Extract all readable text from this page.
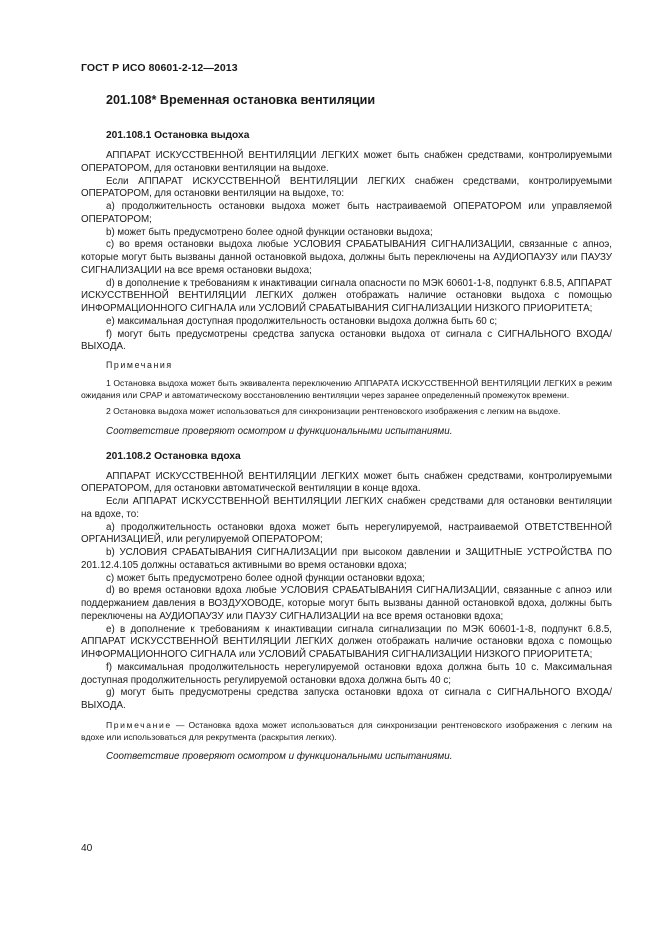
ГОСТ Р ИСО 80601-2-12—2013
201.108* Временная остановка вентиляции
201.108.1 Остановка выдоха

АППАРАТ ИСКУССТВЕННОЙ ВЕНТИЛЯЦИИ ЛЕГКИХ может быть снабжен средствами, контролируемыми ОПЕРАТОРОМ, для остановки вентиляции на выдохе.

Если АППАРАТ ИСКУССТВЕННОЙ ВЕНТИЛЯЦИИ ЛЕГКИХ снабжен средствами, контролируемыми ОПЕРАТОРОМ, для остановки вентиляции на выдохе, то:

а) продолжительность остановки выдоха может быть настраиваемой ОПЕРАТОРОМ или управляемой ОПЕРАТОРОМ;

b) может быть предусмотрено более одной функции остановки выдоха;

c) во время остановки выдоха любые УСЛОВИЯ СРАБАТЫВАНИЯ СИГНАЛИЗАЦИИ, связанные с апноэ, которые могут быть вызваны данной остановкой выдоха, должны быть переключены на АУДИОПАУЗУ или ПАУЗУ СИГНАЛИЗАЦИИ на все время остановки выдоха;

d) в дополнение к требованиям к инактивации сигнала опасности по МЭК 60601-1-8, подпункт 6.8.5, АППАРАТ ИСКУССТВЕННОЙ ВЕНТИЛЯЦИИ ЛЕГКИХ должен отображать наличие остановки выдоха с помощью ИНФОРМАЦИОННОГО СИГНАЛА или УСЛОВИЙ СРАБАТЫВАНИЯ СИГНАЛИЗАЦИИ НИЗКОГО ПРИОРИТЕТА;

e) максимальная доступная продолжительность остановки выдоха должна быть 60 с;

f) могут быть предусмотрены средства запуска остановки выдоха от сигнала с СИГНАЛЬНОГО ВХОДА/ВЫХОДА.

Примечания

1 Остановка выдоха может быть эквивалента переключению АППАРАТА ИСКУССТВЕННОЙ ВЕНТИЛЯЦИИ ЛЕГКИХ в режим ожидания или СРАР и автоматическому восстановлению вентиляции через заранее определенный промежуток времени.

2 Остановка выдоха может использоваться для синхронизации рентгеновского изображения с легким на выдохе.

Соответствие проверяют осмотром и функциональными испытаниями.
201.108.2 Остановка вдоха

АППАРАТ ИСКУССТВЕННОЙ ВЕНТИЛЯЦИИ ЛЕГКИХ может быть снабжен средствами, контролируемыми ОПЕРАТОРОМ, для остановки автоматической вентиляции в конце вдоха.

Если АППАРАТ ИСКУССТВЕННОЙ ВЕНТИЛЯЦИИ ЛЕГКИХ снабжен средствами для остановки вентиляции на вдохе, то:

а) продолжительность остановки вдоха может быть нерегулируемой, настраиваемой ОТВЕТСТВЕННОЙ ОРГАНИЗАЦИЕЙ, или регулируемой ОПЕРАТОРОМ;

b) УСЛОВИЯ СРАБАТЫВАНИЯ СИГНАЛИЗАЦИИ при высоком давлении и ЗАЩИТНЫЕ УСТРОЙСТВА ПО 201.12.4.105 должны оставаться активными во время остановки вдоха;

c) может быть предусмотрено более одной функции остановки вдоха;

d) во время остановки вдоха любые УСЛОВИЯ СРАБАТЫВАНИЯ СИГНАЛИЗАЦИИ, связанные с апноэ или поддержанием давления в ВОЗДУХОВОДЕ, которые могут быть вызваны данной остановкой вдоха, должны быть переключены на АУДИОПАУЗУ или ПАУЗУ СИГНАЛИЗАЦИИ на все время остановки вдоха;

e) в дополнение к требованиям к инактивации сигнала сигнализации по МЭК 60601-1-8, подпункт 6.8.5, АППАРАТ ИСКУССТВЕННОЙ ВЕНТИЛЯЦИИ ЛЕГКИХ должен отображать наличие остановки вдоха с помощью ИНФОРМАЦИОННОГО СИГНАЛА или УСЛОВИЙ СРАБАТЫВАНИЯ СИГНАЛИЗАЦИИ НИЗКОГО ПРИОРИТЕТА;

f) максимальная продолжительность нерегулируемой остановки вдоха должна быть 10 с. Максимальная доступная продолжительность регулируемой остановки вдоха должна быть 40 с;

g) могут быть предусмотрены средства запуска остановки вдоха от сигнала с СИГНАЛЬНОГО ВХОДА/ВЫХОДА.

Примечание — Остановка вдоха может использоваться для синхронизации рентгеновского изображения с легким на вдохе или использоваться для рекрутмента (раскрытия легких).

Соответствие проверяют осмотром и функциональными испытаниями.
40
